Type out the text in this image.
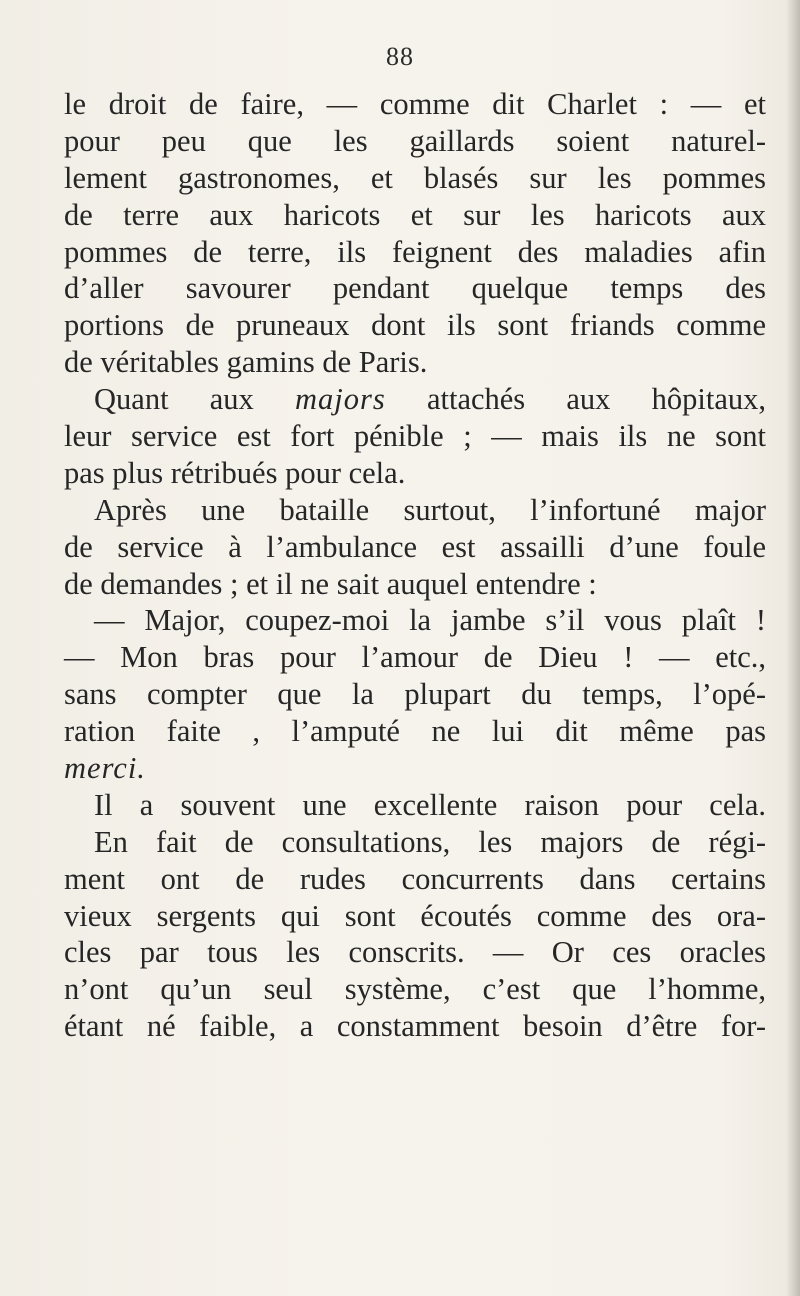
88
le droit de faire, — comme dit Charlet : — et
pour peu que les gaillards soient naturel-
lement gastronomes, et blasés sur les pommes
de terre aux haricots et sur les haricots aux
pommes de terre, ils feignent des maladies afin
d’aller savourer pendant quelque temps des
portions de pruneaux dont ils sont friands comme
de véritables gamins de Paris.
Quant aux majors attachés aux hôpitaux,
leur service est fort pénible ; — mais ils ne sont
pas plus rétribués pour cela.
Après une bataille surtout, l’infortuné major
de service à l’ambulance est assailli d’une foule
de demandes ; et il ne sait auquel entendre :
— Major, coupez-moi la jambe s’il vous plaît !
— Mon bras pour l’amour de Dieu ! — etc.,
sans compter que la plupart du temps, l’opé-
ration faite , l’amputé ne lui dit même pas
merci.
Il a souvent une excellente raison pour cela.
En fait de consultations, les majors de régi-
ment ont de rudes concurrents dans certains
vieux sergents qui sont écoutés comme des ora-
cles par tous les conscrits. — Or ces oracles
n’ont qu’un seul système, c’est que l’homme,
étant né faible, a constamment besoin d’être for-
